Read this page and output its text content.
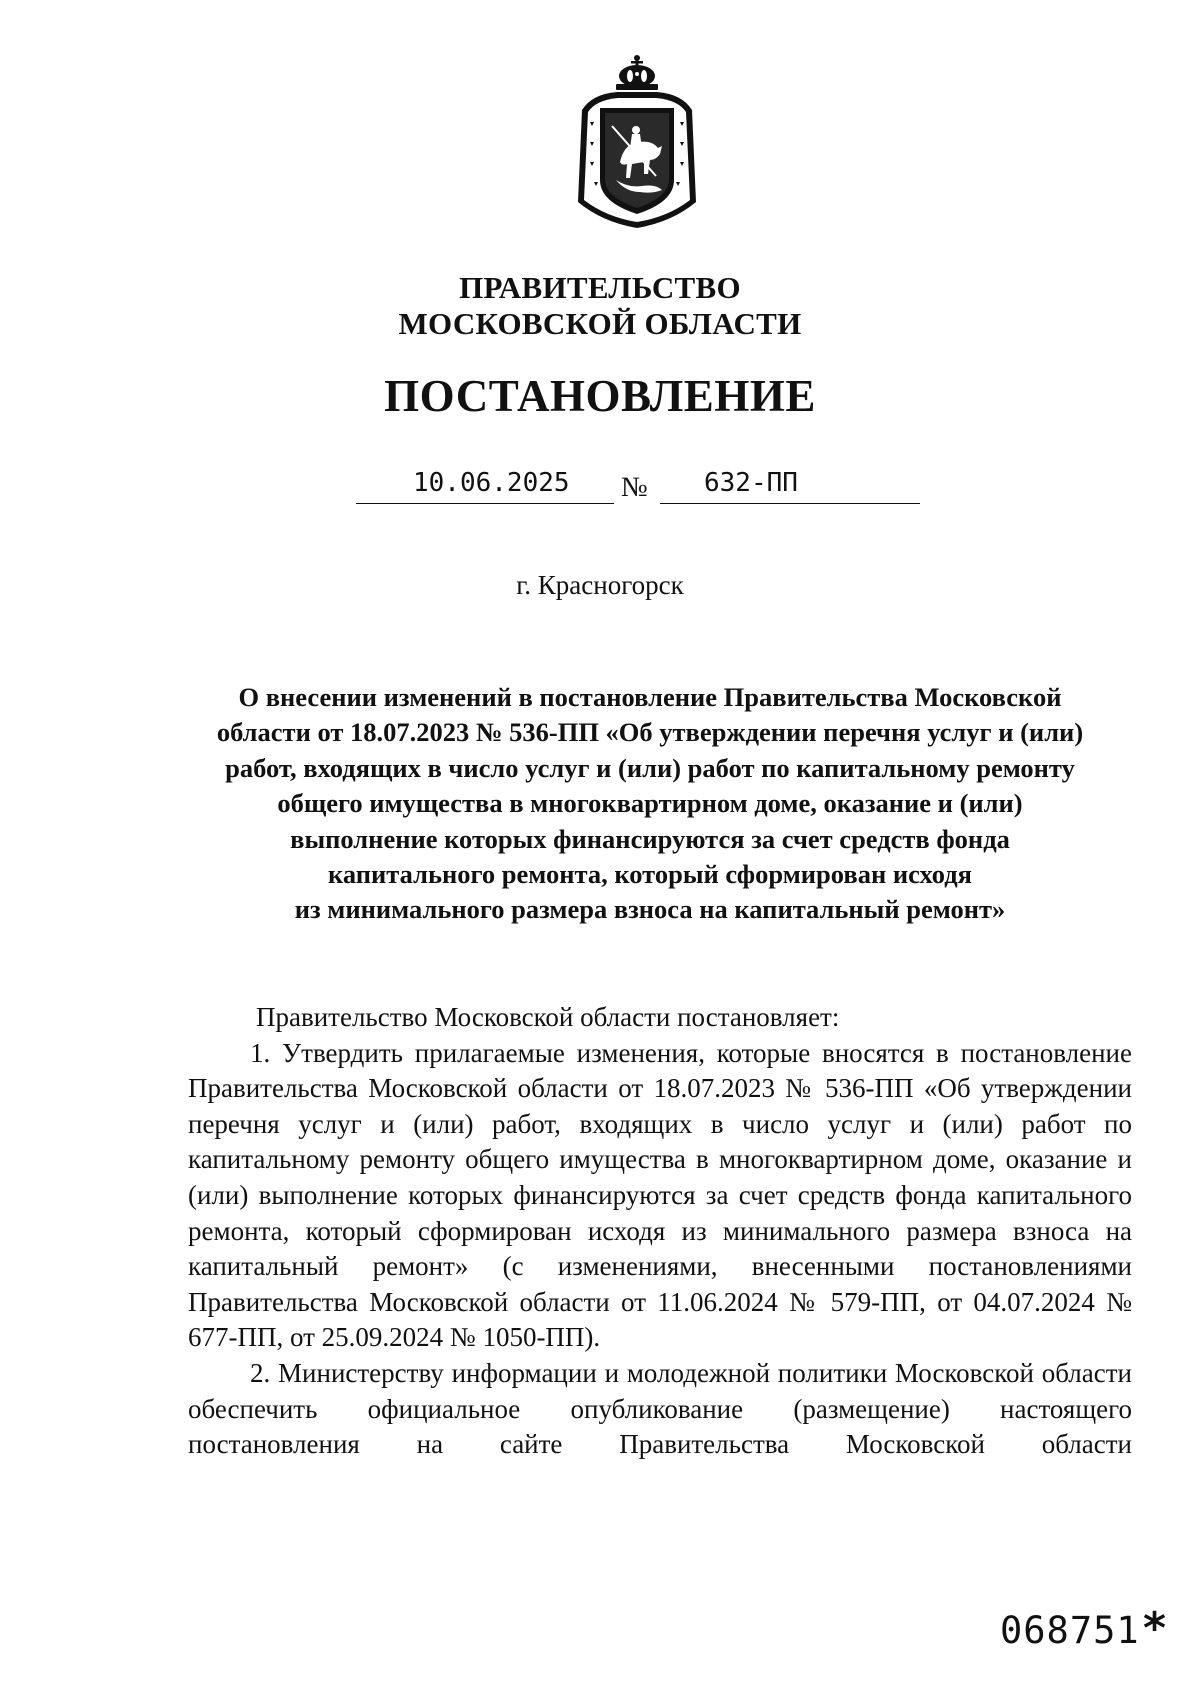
ПРАВИТЕЛЬСТВО
МОСКОВСКОЙ ОБЛАСТИ
ПОСТАНОВЛЕНИЕ
10.06.2025 № 632-ПП
г. Красногорск
О внесении изменений в постановление Правительства Московской
области от 18.07.2023 № 536-ПП «Об утверждении перечня услуг и (или)
работ, входящих в число услуг и (или) работ по капитальному ремонту
общего имущества в многоквартирном доме, оказание и (или)
выполнение которых финансируются за счет средств фонда
капитального ремонта, который сформирован исходя
из минимального размера взноса на капитальный ремонт»
Правительство Московской области постановляет:

1. Утвердить прилагаемые изменения, которые вносятся в постановление Правительства Московской области от 18.07.2023 № 536-ПП «Об утверждении перечня услуг и (или) работ, входящих в число услуг и (или) работ по капитальному ремонту общего имущества в многоквартирном доме, оказание и (или) выполнение которых финансируются за счет средств фонда капитального ремонта, который сформирован исходя из минимального размера взноса на капитальный ремонт» (с изменениями, внесенными постановлениями Правительства Московской области от 11.06.2024 № 579-ПП, от 04.07.2024 № 677-ПП, от 25.09.2024 № 1050-ПП).

2. Министерству информации и молодежной политики Московской области обеспечить официальное опубликование (размещение) настоящего постановления на сайте Правительства Московской области

068751 *
